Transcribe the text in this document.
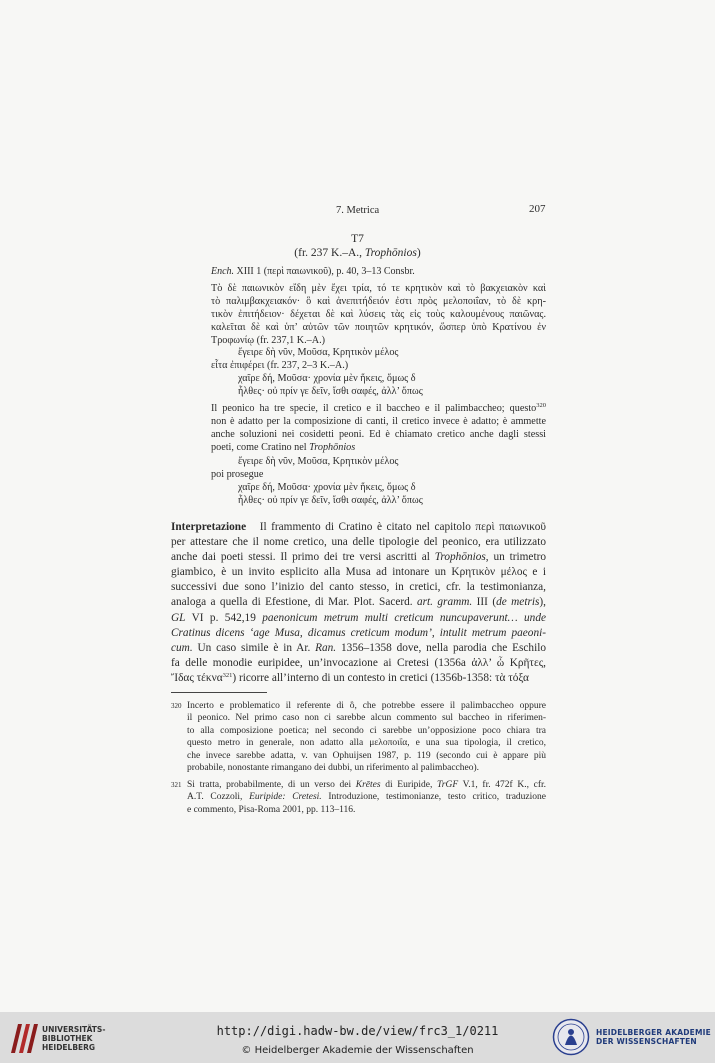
7. Metrica	207
T7
(fr. 237 K.–A., Trophōnios)
Ench. XIII 1 (περὶ παιωνικοῦ), p. 40, 3–13 Consbr.
Τὸ δὲ παιωνικὸν εἴδη μὲν ἔχει τρία, τό τε κρητικὸν καὶ τὸ βακχειακὸν καὶ
τὸ παλιμβακχειακόν· ὃ καὶ ἀνεπιτήδειόν ἐστι πρὸς μελοποιΐαν, τὸ δὲ κρη-
τικὸν ἐπιτήδειον· δέχεται δὲ καὶ λύσεις τὰς εἰς τοὺς καλουμένους παιῶνας.
καλεῖται δὲ καὶ ὑπ’ αὐτῶν τῶν ποιητῶν κρητικόν, ὥσπερ ὑπὸ Κρατίνου ἐν
Τροφωνίῳ (fr. 237,1 K.–A.)
ἔγειρε δὴ νῦν, Μοῦσα, Κρητικὸν μέλος
εἶτα ἐπιφέρει (fr. 237, 2–3 K.–A.)
χαῖρε δή, Μοῦσα· χρονία μὲν ἥκεις, ὅμως δ
ἦλθες· οὐ πρίν γε δεῖν, ἴσθι σαφές, ἀλλ’ ὅπως
Il peonico ha tre specie, il cretico e il baccheo e il palimbaccheo; questo$^{320}$
non è adatto per la composizione di canti, il cretico invece è adatto; è ammette
anche soluzioni nei cosidetti peoni. Ed è chiamato cretico anche dagli stessi
poeti, come Cratino nel Trophōnios
ἔγειρε δὴ νῦν, Μοῦσα, Κρητικὸν μέλος
poi prosegue
χαῖρε δή, Μοῦσα· χρονία μὲν ἥκεις, ὅμως δ
ἦλθες· οὐ πρίν γε δεῖν, ἴσθι σαφές, ἀλλ’ ὅπως
Interpretazione Il frammento di Cratino è citato nel capitolo περὶ παιωνικοῦ
per attestare che il nome cretico, una delle tipologie del peonico, era utilizzato
anche dai poeti stessi. Il primo dei tre versi ascritti al Trophōnios, un trimetro
giambico, è un invito esplicito alla Musa ad intonare un Κρητικὸν μέλος e i
successivi due sono l’inizio del canto stesso, in cretici, cfr. la testimonianza,
analoga a quella di Efestione, di Mar. Plot. Sacerd. art. gramm. III (de metris),
GL VI p. 542,19 paenonicum metrum multi creticum nuncupaverunt… unde
Cratinus dicens ‘age Musa, dicamus creticum modum’, intulit metrum paeoni-
cum. Un caso simile è in Ar. Ran. 1356–1358 dove, nella parodia che Eschilo
fa delle monodie euripidee, un’invocazione ai Cretesi (1356a ἀλλ’ ὦ Κρῆτες,
Ἴδας τέκνα$^{321}$) ricorre all’interno di un contesto in cretici (1356b-1358: τὰ τόξα
320 Incerto e problematico il referente di ὃ, che potrebbe essere il palimbaccheo oppure
il peonico. Nel primo caso non ci sarebbe alcun commento sul baccheo in riferimen-
to alla composizione poetica; nel secondo ci sarebbe un’opposizione poco chiara tra
questo metro in generale, non adatto alla μελοποιΐα, e una sua tipologia, il cretico,
che invece sarebbe adatta, v. van Ophuijsen 1987, p. 119 (secondo cui è appare più
probabile, nonostante rimangano dei dubbi, un riferimento al palimbaccheo).
321 Si tratta, probabilmente, di un verso dei Krētes di Euripide, TrGF V.1, fr. 472f K., cfr.
A.T. Cozzoli, Euripide: Cretesi. Introduzione, testimonianze, testo critico, traduzione
e commento, Pisa-Roma 2001, pp. 113–116.
UNIVERSITÄTS-
BIBLIOTHEK
HEIDELBERG
http://digi.hadw-bw.de/view/frc3_1/0211
© Heidelberger Akademie der Wissenschaften
HEIDELBERGER AKADEMIE
DER WISSENSCHAFTEN
